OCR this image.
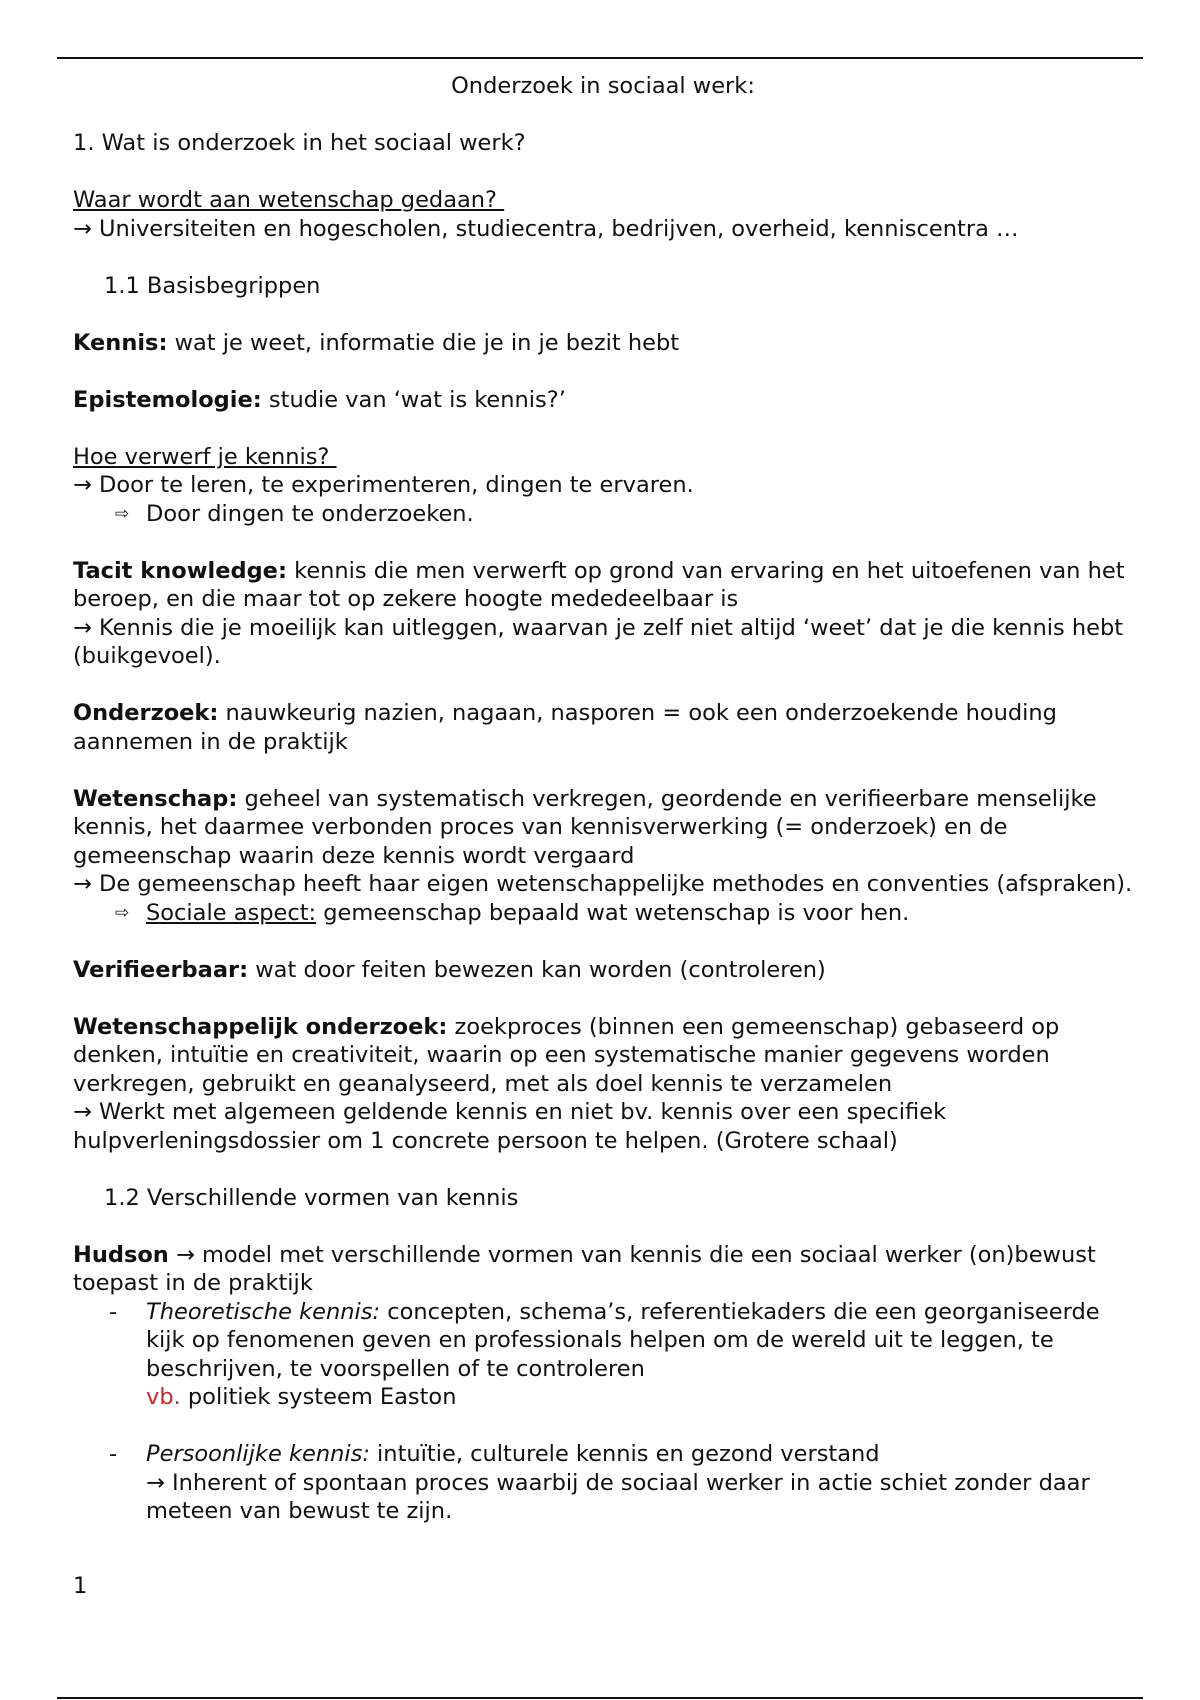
Onderzoek in sociaal werk:

1. Wat is onderzoek in het sociaal werk?

Waar wordt aan wetenschap gedaan?

→ Universiteiten en hogescholen, studiecentra, bedrijven, overheid, kenniscentra …

1.1 Basisbegrippen

Kennis: wat je weet, informatie die je in je bezit hebt

Epistemologie: studie van ‘wat is kennis?’

Hoe verwerf je kennis?

→ Door te leren, te experimenteren, dingen te ervaren.

⇨ Door dingen te onderzoeken.

Tacit knowledge: kennis die men verwerft op grond van ervaring en het uitoefenen van het beroep, en die maar tot op zekere hoogte mededeelbaar is

→ Kennis die je moeilijk kan uitleggen, waarvan je zelf niet altijd ‘weet’ dat je die kennis hebt (buikgevoel).

Onderzoek: nauwkeurig nazien, nagaan, nasporen = ook een onderzoekende houding aannemen in de praktijk

Wetenschap: geheel van systematisch verkregen, geordende en verifieerbare menselijke kennis, het daarmee verbonden proces van kennisverwerking (= onderzoek) en de gemeenschap waarin deze kennis wordt vergaard

→ De gemeenschap heeft haar eigen wetenschappelijke methodes en conventies (afspraken).

⇨ Sociale aspect: gemeenschap bepaald wat wetenschap is voor hen.

Verifieerbaar: wat door feiten bewezen kan worden (controleren)

Wetenschappelijk onderzoek: zoekproces (binnen een gemeenschap) gebaseerd op denken, intuïtie en creativiteit, waarin op een systematische manier gegevens worden verkregen, gebruikt en geanalyseerd, met als doel kennis te verzamelen

→ Werkt met algemeen geldende kennis en niet bv. kennis over een specifiek hulpverleningsdossier om 1 concrete persoon te helpen. (Grotere schaal)

1.2 Verschillende vormen van kennis

Hudson → model met verschillende vormen van kennis die een sociaal werker (on)bewust toepast in de praktijk

- Theoretische kennis: concepten, schema’s, referentiekaders die een georganiseerde kijk op fenomenen geven en professionals helpen om de wereld uit te leggen, te beschrijven, te voorspellen of te controleren
vb. politiek systeem Easton
- Persoonlijke kennis: intuïtie, culturele kennis en gezond verstand
→ Inherent of spontaan proces waarbij de sociaal werker in actie schiet zonder daar meteen van bewust te zijn.

1
